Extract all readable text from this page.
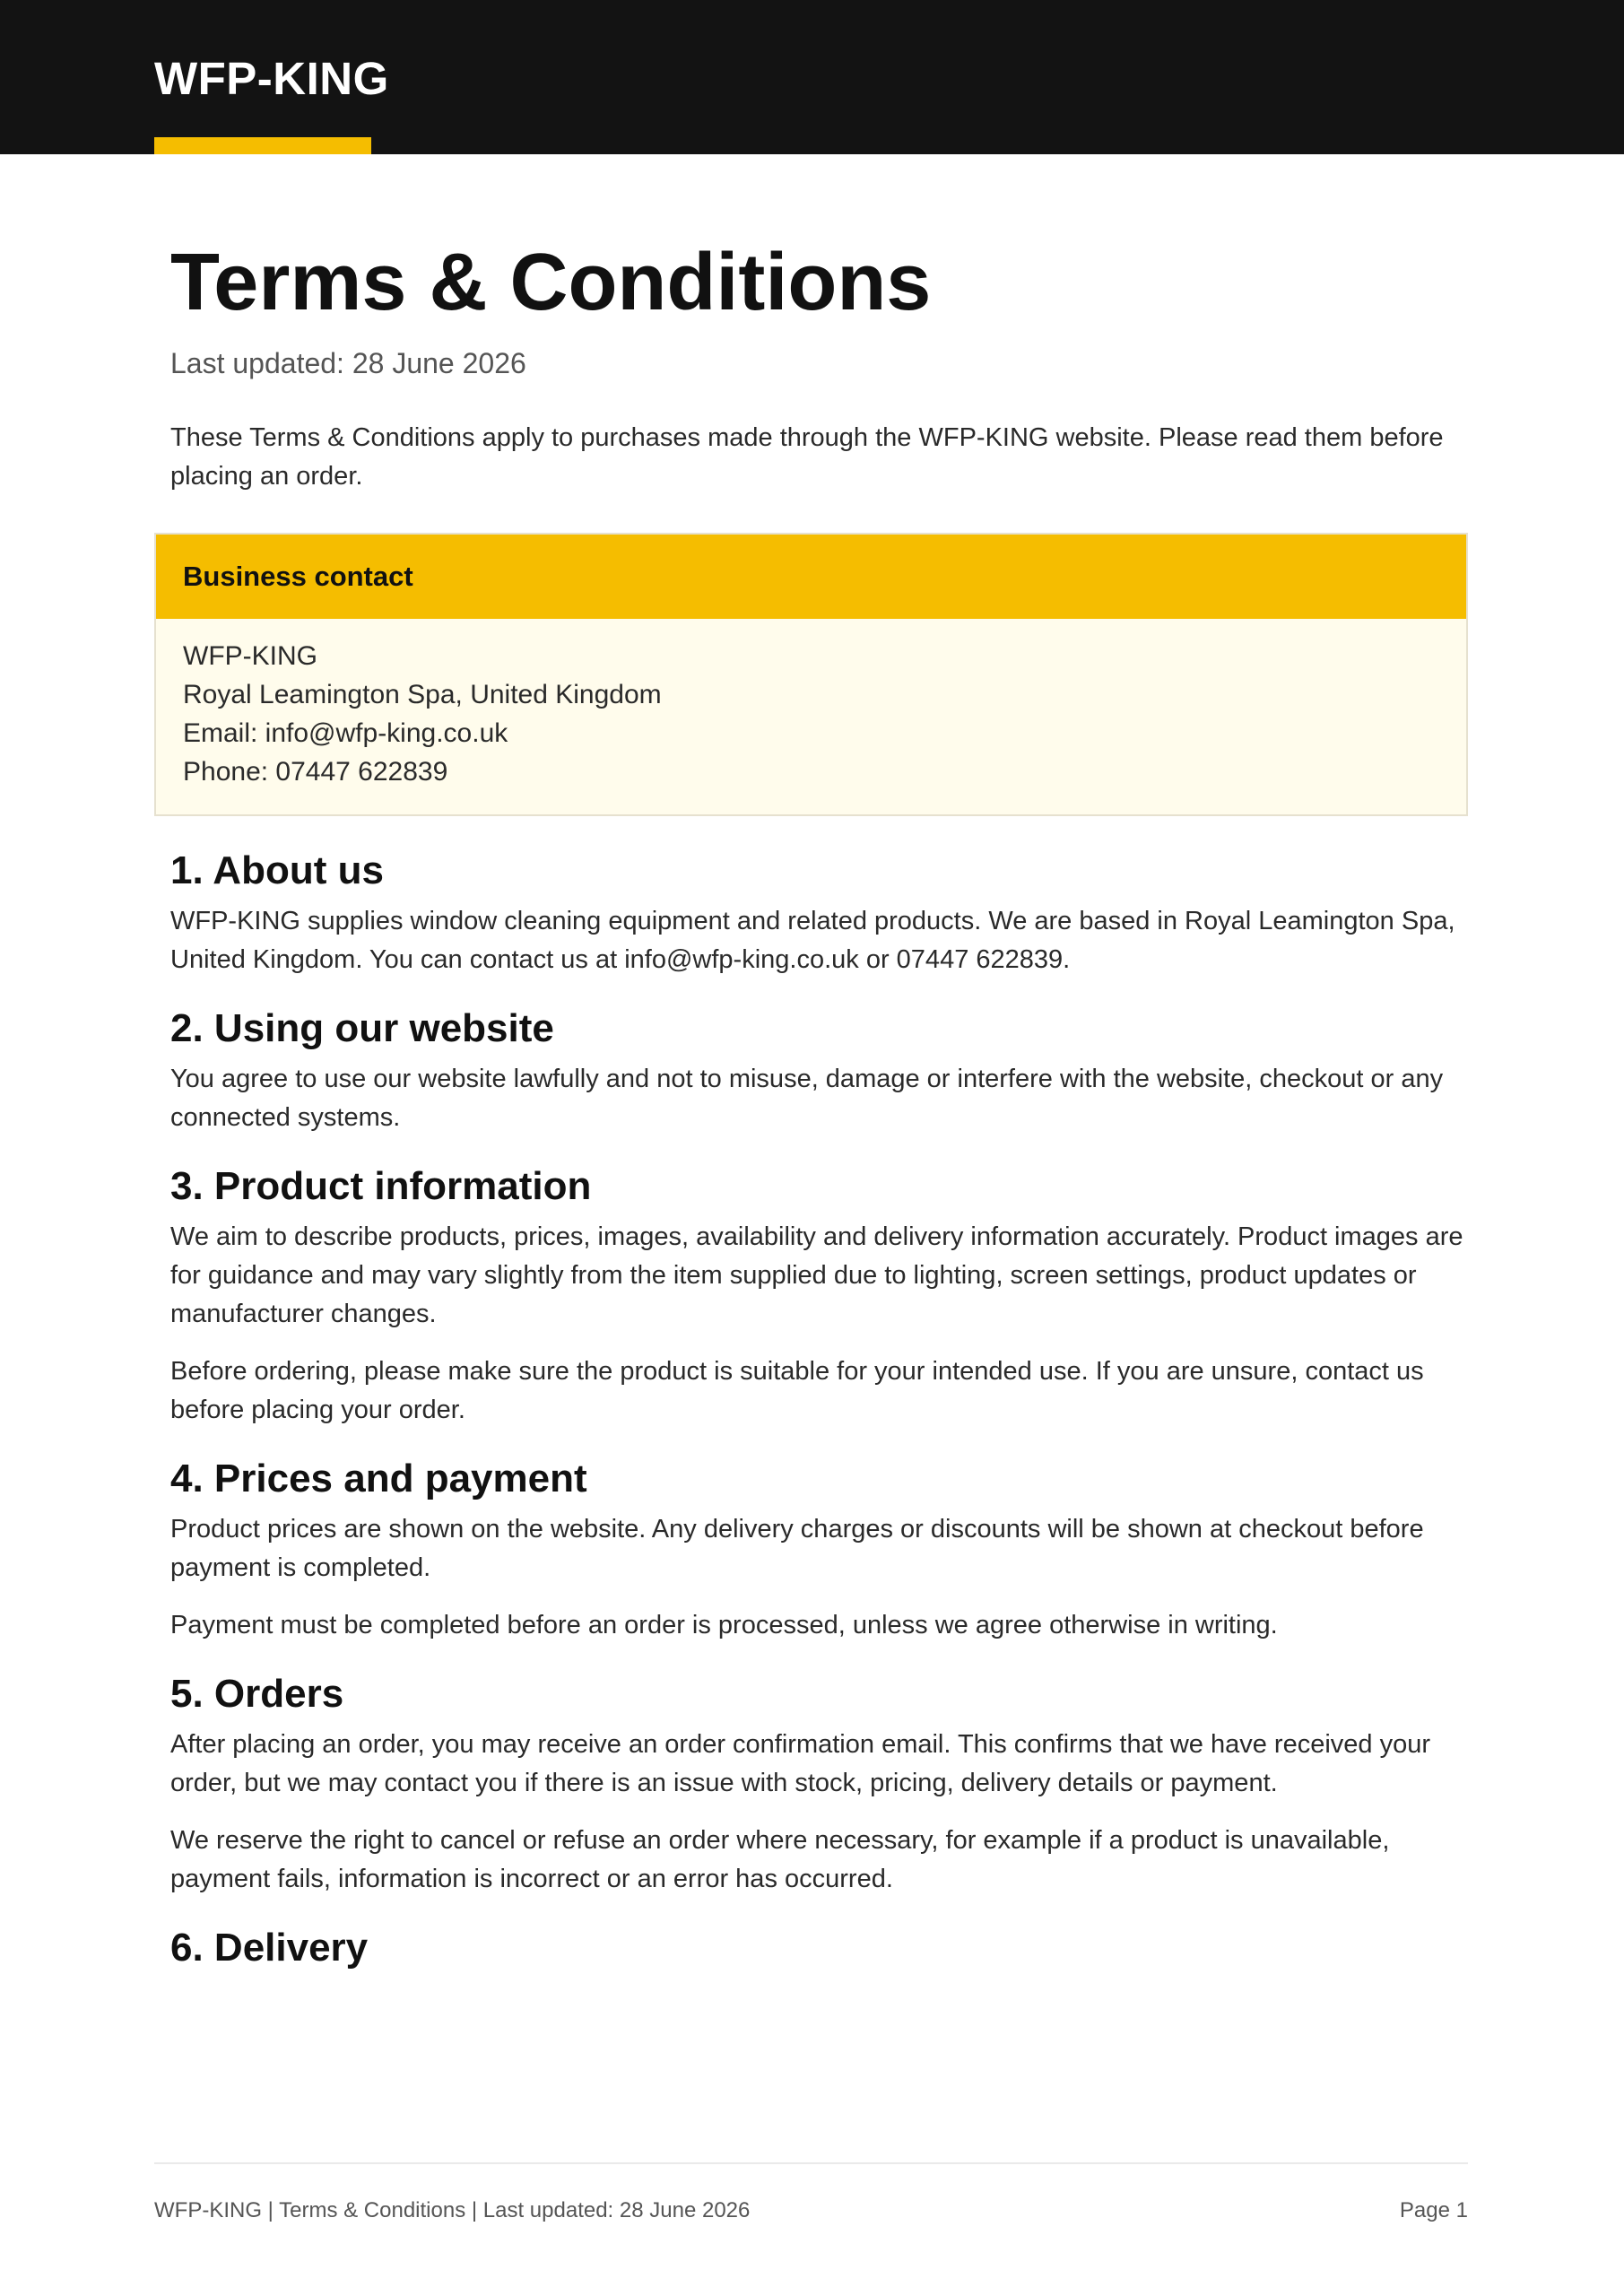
WFP-KING
Terms & Conditions
Last updated: 28 June 2026
These Terms & Conditions apply to purchases made through the WFP-KING website. Please read them before placing an order.
Business contact
WFP-KING
Royal Leamington Spa, United Kingdom
Email: info@wfp-king.co.uk
Phone: 07447 622839
1. About us

WFP-KING supplies window cleaning equipment and related products. We are based in Royal Leamington Spa, United Kingdom. You can contact us at info@wfp-king.co.uk or 07447 622839.

2. Using our website

You agree to use our website lawfully and not to misuse, damage or interfere with the website, checkout or any connected systems.

3. Product information

We aim to describe products, prices, images, availability and delivery information accurately. Product images are for guidance and may vary slightly from the item supplied due to lighting, screen settings, product updates or manufacturer changes.

Before ordering, please make sure the product is suitable for your intended use. If you are unsure, contact us before placing your order.

4. Prices and payment

Product prices are shown on the website. Any delivery charges or discounts will be shown at checkout before payment is completed.

Payment must be completed before an order is processed, unless we agree otherwise in writing.

5. Orders

After placing an order, you may receive an order confirmation email. This confirms that we have received your order, but we may contact you if there is an issue with stock, pricing, delivery details or payment.

We reserve the right to cancel or refuse an order where necessary, for example if a product is unavailable, payment fails, information is incorrect or an error has occurred.

6. Delivery
WFP-KING | Terms & Conditions | Last updated: 28 June 2026	Page 1
